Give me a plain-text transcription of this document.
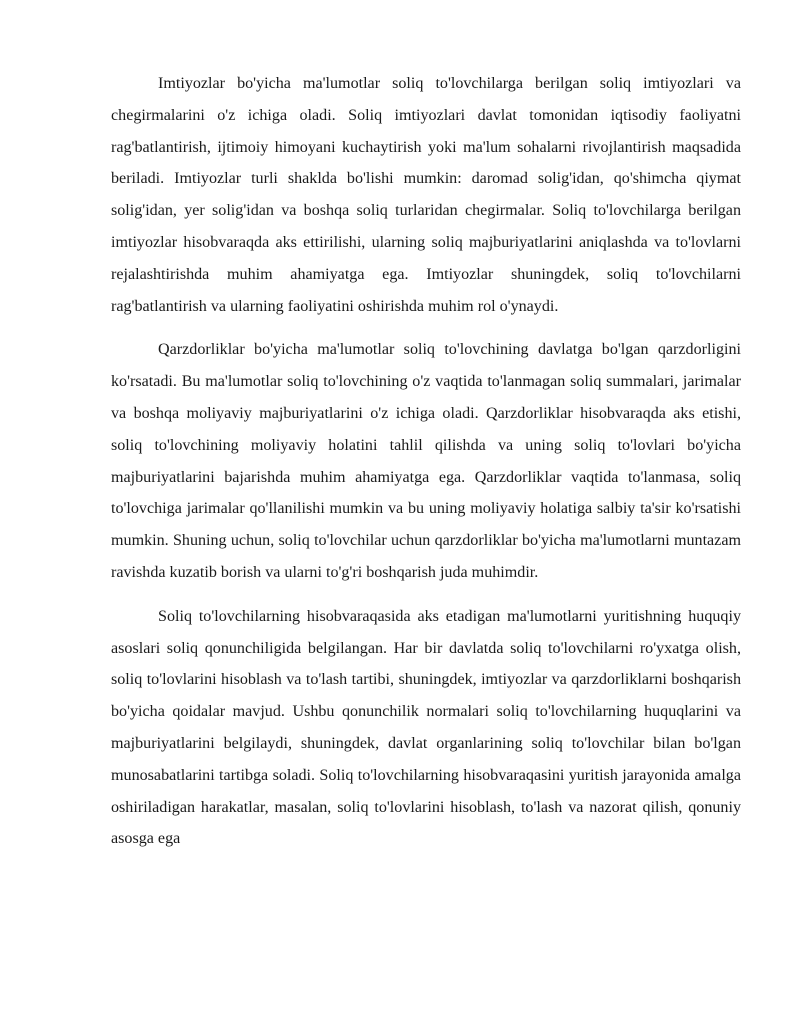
Imtiyozlar bo'yicha ma'lumotlar soliq to'lovchilarga berilgan soliq imtiyozlari va chegirmalarini o'z ichiga oladi. Soliq imtiyozlari davlat tomonidan iqtisodiy faoliyatni rag'batlantirish, ijtimoiy himoyani kuchaytirish yoki ma'lum sohalarni rivojlantirish maqsadida beriladi. Imtiyozlar turli shaklda bo'lishi mumkin: daromad solig'idan, qo'shimcha qiymat solig'idan, yer solig'idan va boshqa soliq turlaridan chegirmalar. Soliq to'lovchilarga berilgan imtiyozlar hisobvaraqda aks ettirilishi, ularning soliq majburiyatlarini aniqlashda va to'lovlarni rejalashtirishda muhim ahamiyatga ega. Imtiyozlar shuningdek, soliq to'lovchilarni rag'batlantirish va ularning faoliyatini oshirishda muhim rol o'ynaydi.

Qarzdorliklar bo'yicha ma'lumotlar soliq to'lovchining davlatga bo'lgan qarzdorligini ko'rsatadi. Bu ma'lumotlar soliq to'lovchining o'z vaqtida to'lanmagan soliq summalari, jarimalar va boshqa moliyaviy majburiyatlarini o'z ichiga oladi. Qarzdorliklar hisobvaraqda aks etishi, soliq to'lovchining moliyaviy holatini tahlil qilishda va uning soliq to'lovlari bo'yicha majburiyatlarini bajarishda muhim ahamiyatga ega. Qarzdorliklar vaqtida to'lanmasa, soliq to'lovchiga jarimalar qo'llanilishi mumkin va bu uning moliyaviy holatiga salbiy ta'sir ko'rsatishi mumkin. Shuning uchun, soliq to'lovchilar uchun qarzdorliklar bo'yicha ma'lumotlarni muntazam ravishda kuzatib borish va ularni to'g'ri boshqarish juda muhimdir.

Soliq to'lovchilarning hisobvaraqasida aks etadigan ma'lumotlarni yuritishning huquqiy asoslari soliq qonunchiligida belgilangan. Har bir davlatda soliq to'lovchilarni ro'yxatga olish, soliq to'lovlarini hisoblash va to'lash tartibi, shuningdek, imtiyozlar va qarzdorliklarni boshqarish bo'yicha qoidalar mavjud. Ushbu qonunchilik normalari soliq to'lovchilarning huquqlarini va majburiyatlarini belgilaydi, shuningdek, davlat organlarining soliq to'lovchilar bilan bo'lgan munosabatlarini tartibga soladi. Soliq to'lovchilarning hisobvaraqasini yuritish jarayonida amalga oshiriladigan harakatlar, masalan, soliq to'lovlarini hisoblash, to'lash va nazorat qilish, qonuniy asosga ega
